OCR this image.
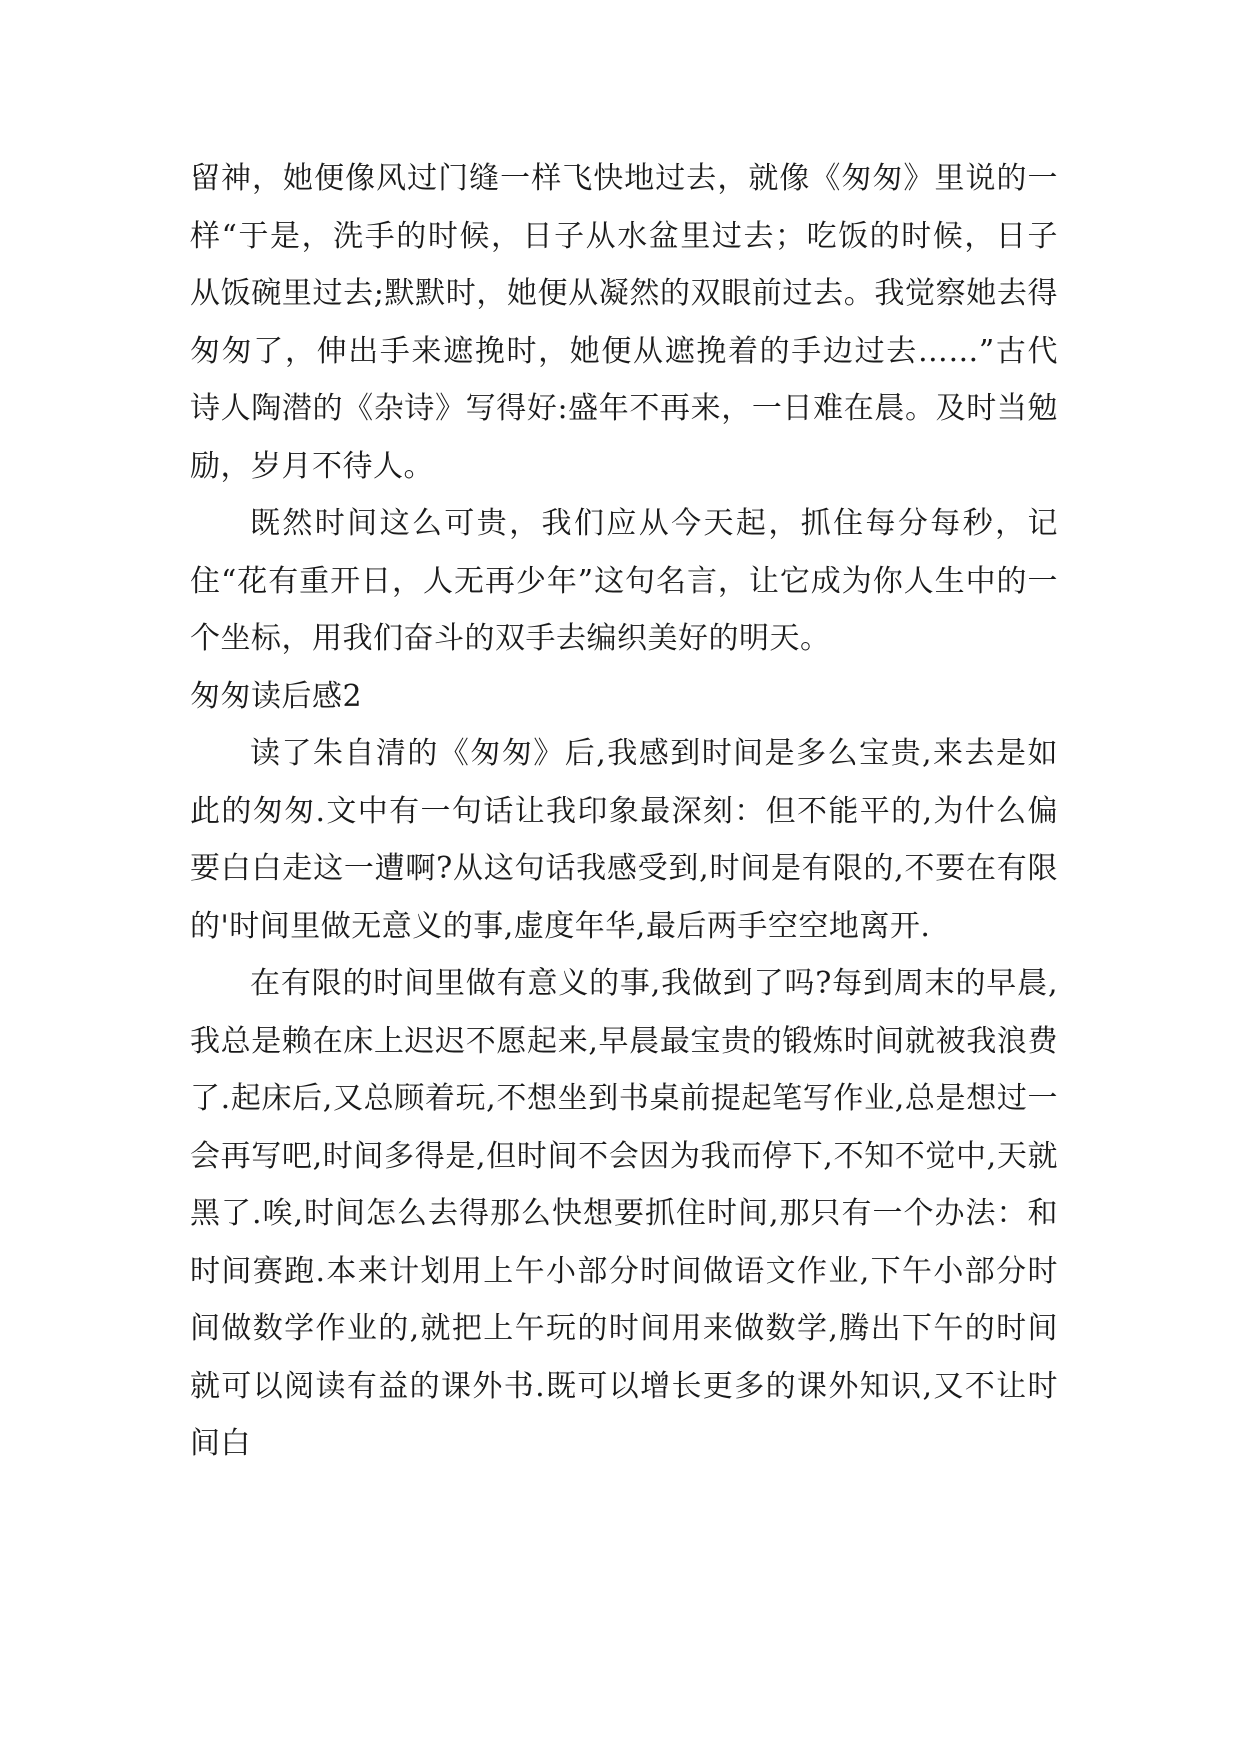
留神，她便像风过门缝一样飞快地过去，就像《匆匆》里说的一样“于是，洗手的时候，日子从水盆里过去；吃饭的时候，日子从饭碗里过去;默默时，她便从凝然的双眼前过去。我觉察她去得匆匆了，伸出手来遮挽时，她便从遮挽着的手边过去……”古代诗人陶潜的《杂诗》写得好:盛年不再来，一日难在晨。及时当勉励，岁月不待人。

既然时间这么可贵，我们应从今天起，抓住每分每秒，记住“花有重开日，人无再少年”这句名言，让它成为你人生中的一个坐标，用我们奋斗的双手去编织美好的明天。

匆匆读后感2

读了朱自清的《匆匆》后,我感到时间是多么宝贵,来去是如此的匆匆.文中有一句话让我印象最深刻：但不能平的,为什么偏要白白走这一遭啊?从这句话我感受到,时间是有限的,不要在有限的'时间里做无意义的事,虚度年华,最后两手空空地离开.

在有限的时间里做有意义的事,我做到了吗?每到周末的早晨,我总是赖在床上迟迟不愿起来,早晨最宝贵的锻炼时间就被我浪费了.起床后,又总顾着玩,不想坐到书桌前提起笔写作业,总是想过一会再写吧,时间多得是,但时间不会因为我而停下,不知不觉中,天就黑了.唉,时间怎么去得那么快想要抓住时间,那只有一个办法：和时间赛跑.本来计划用上午小部分时间做语文作业,下午小部分时间做数学作业的,就把上午玩的时间用来做数学,腾出下午的时间就可以阅读有益的课外书.既可以增长更多的课外知识,又不让时间白
